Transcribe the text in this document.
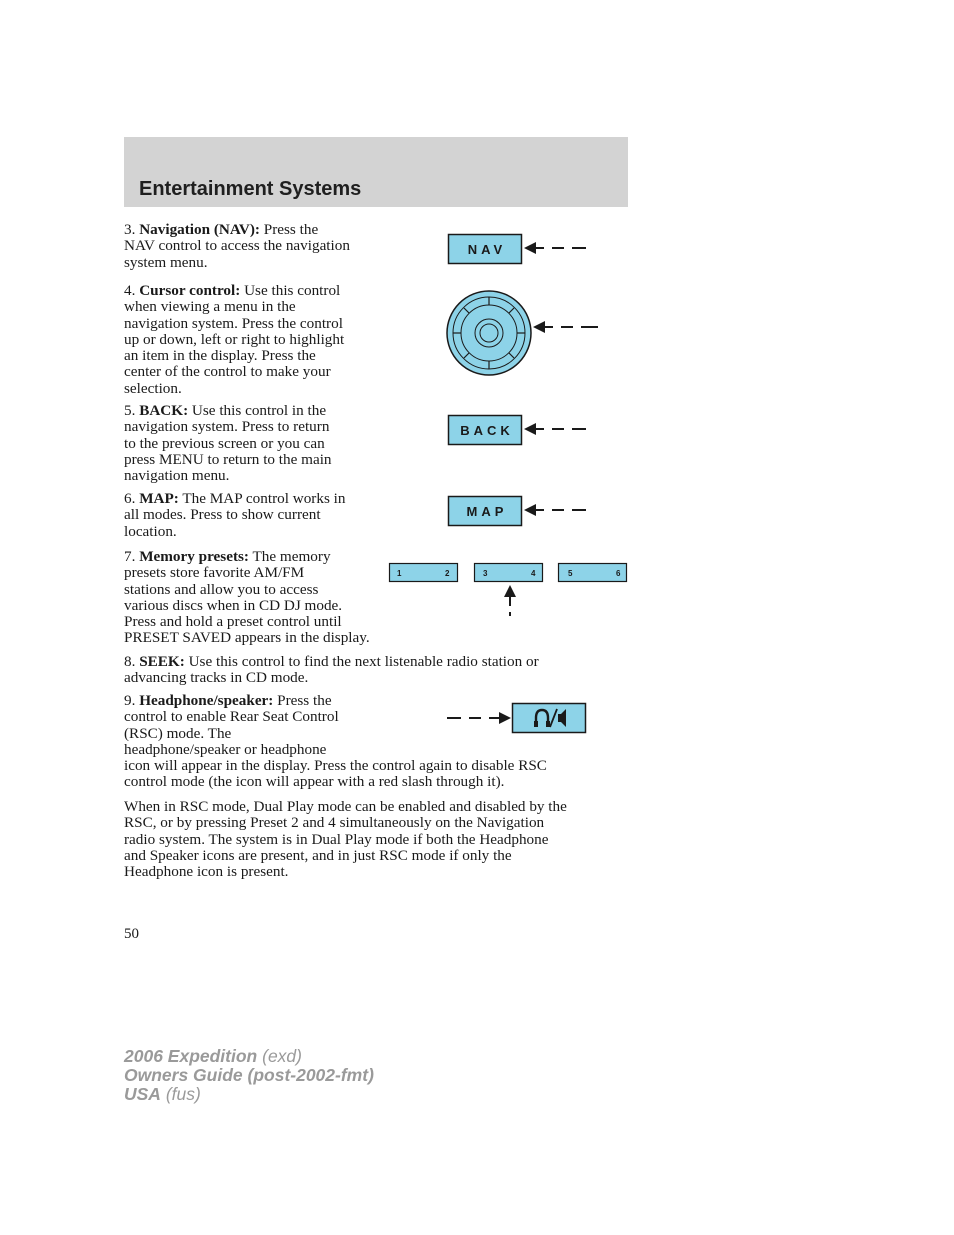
Entertainment Systems

3. Navigation (NAV): Press the
NAV control to access the navigation
system menu.

4. Cursor control: Use this control
when viewing a menu in the
navigation system. Press the control
up or down, left or right to highlight
an item in the display. Press the
center of the control to make your
selection.

5. BACK: Use this control in the
navigation system. Press to return
to the previous screen or you can
press MENU to return to the main
navigation menu.

6. MAP: The MAP control works in
all modes. Press to show current
location.

7. Memory presets: The memory
presets store favorite AM/FM
stations and allow you to access
various discs when in CD DJ mode.
Press and hold a preset control until
PRESET SAVED appears in the display.

8. SEEK: Use this control to find the next listenable radio station or
advancing tracks in CD mode.

9. Headphone/speaker: Press the
control to enable Rear Seat Control
(RSC) mode. The
headphone/speaker or headphone
icon will appear in the display. Press the control again to disable RSC
control mode (the icon will appear with a red slash through it).

When in RSC mode, Dual Play mode can be enabled and disabled by the
RSC, or by pressing Preset 2 and 4 simultaneously on the Navigation
radio system. The system is in Dual Play mode if both the Headphone
and Speaker icons are present, and in just RSC mode if only the
Headphone icon is present.

NAV
BACK
MAP
1	2	3	4	5	6

50

2006 Expedition (exd)
Owners Guide (post-2002-fmt)
USA (fus)
